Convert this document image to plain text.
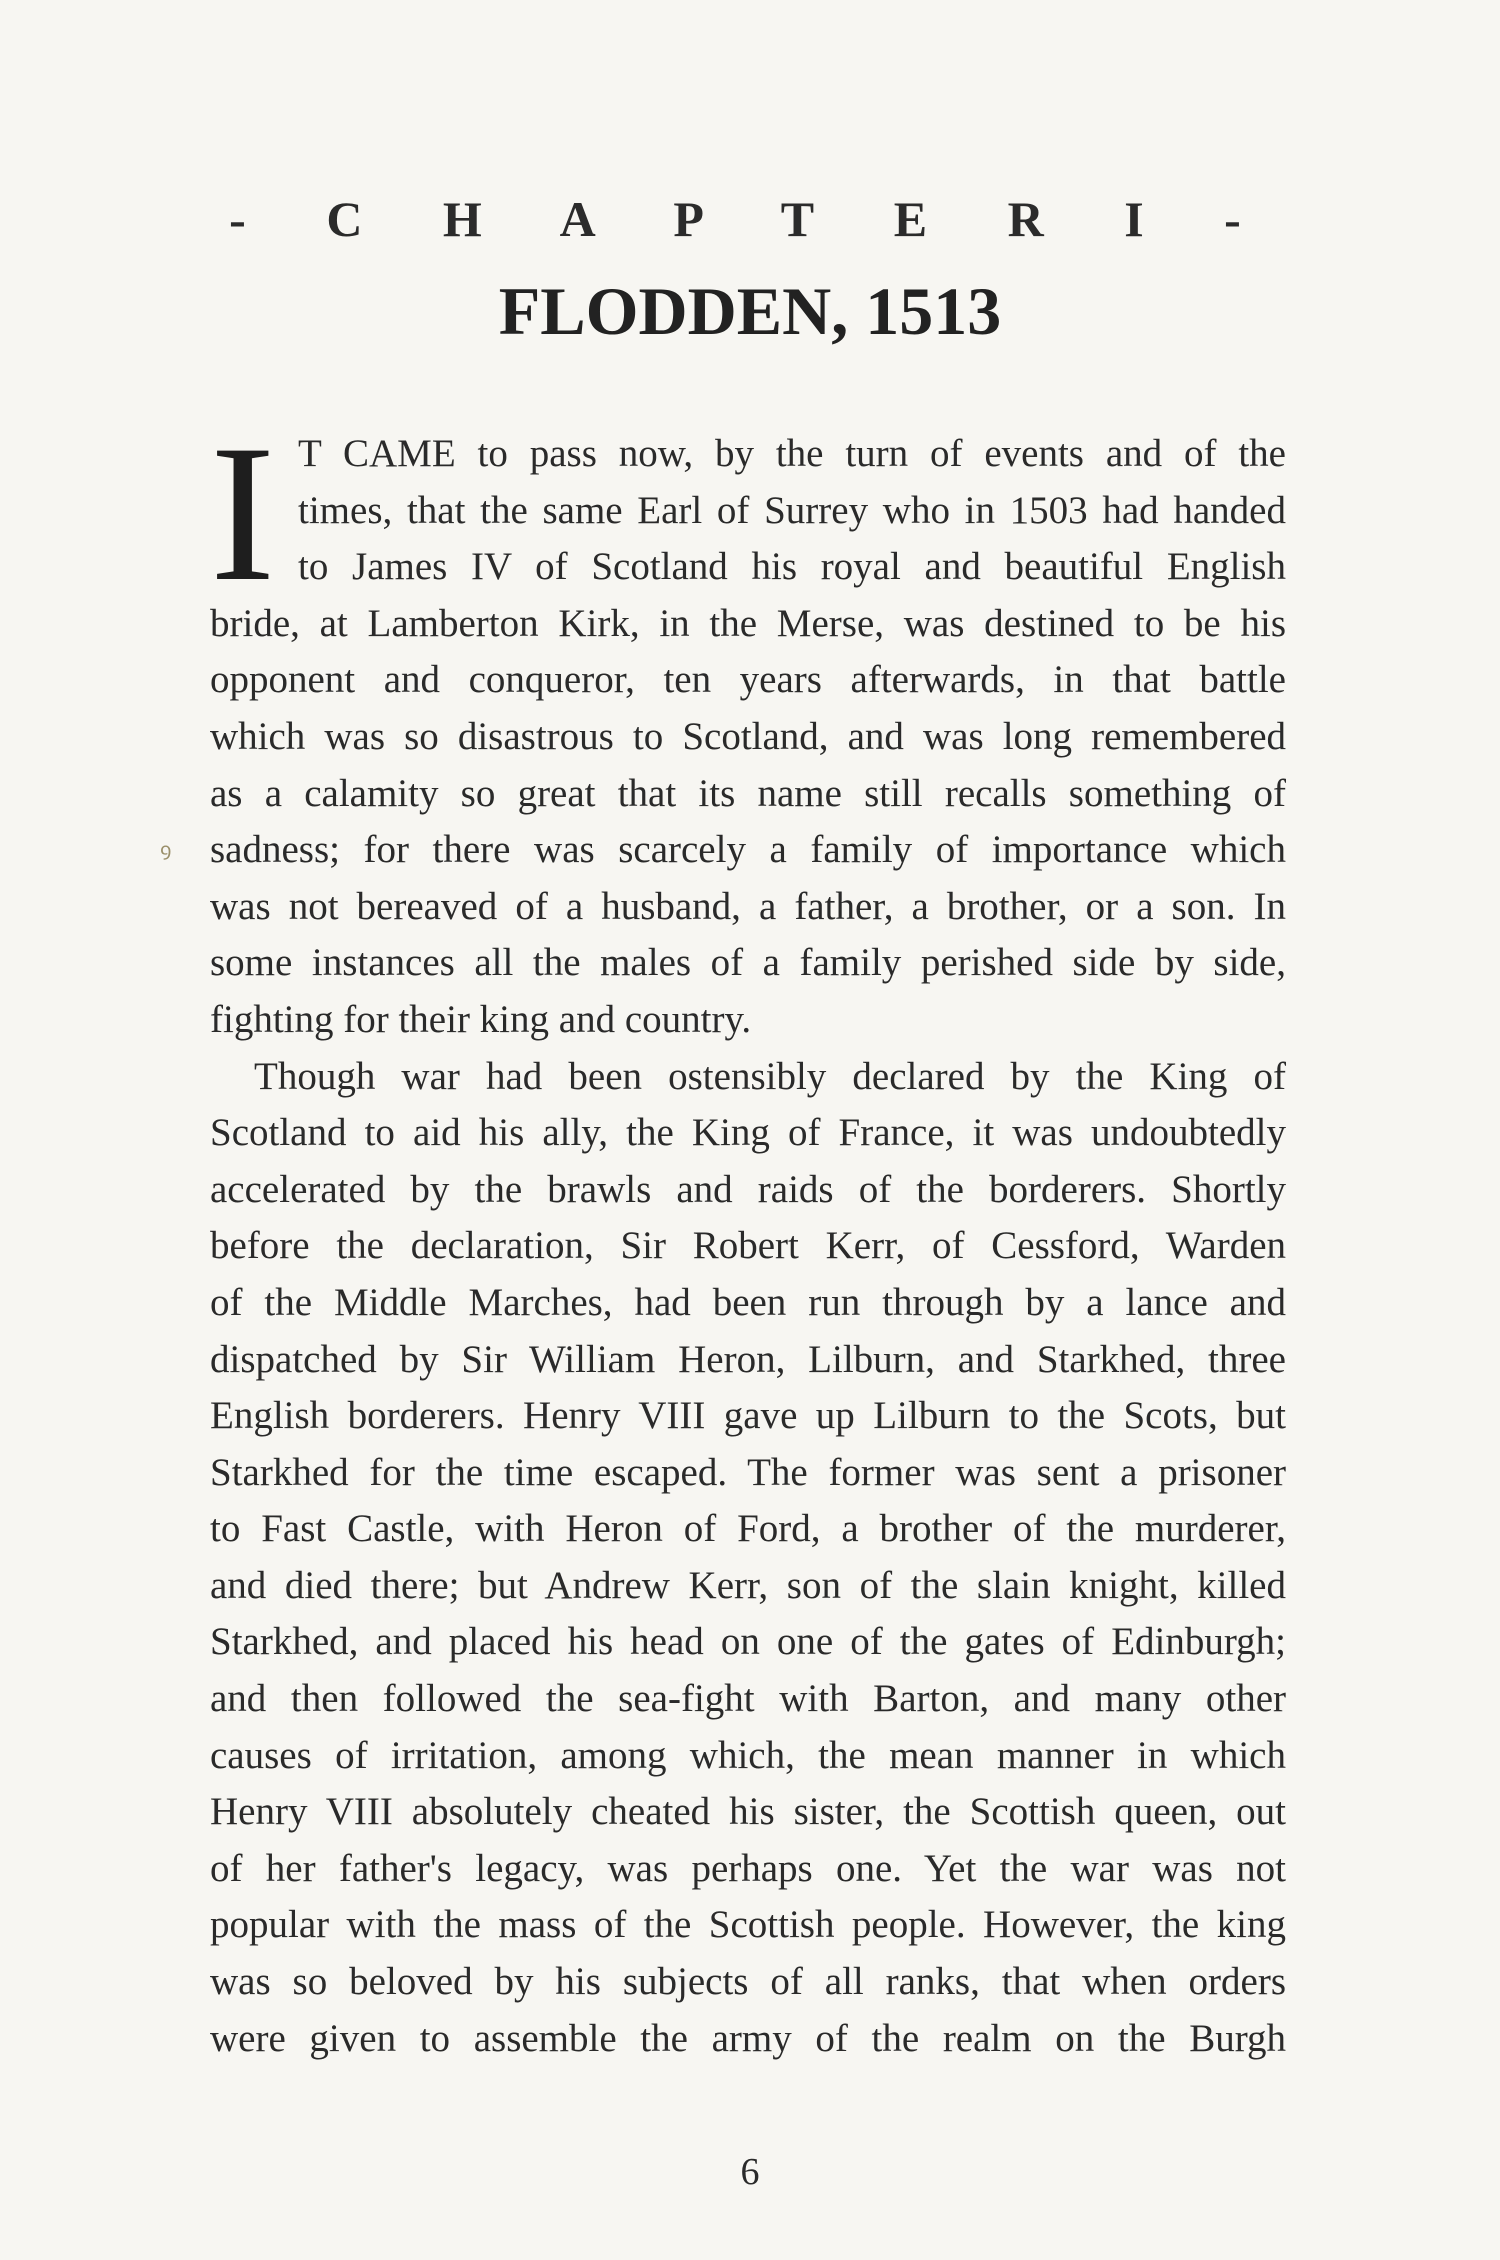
- C H A P T E R I -
FLODDEN, 1513
ꝰ
I T CAME to pass now, by the turn of events and of the
times, that the same Earl of Surrey who in 1503 had handed
to James IV of Scotland his royal and beautiful English
bride, at Lamberton Kirk, in the Merse, was destined to be his
opponent and conqueror, ten years afterwards, in that battle
which was so disastrous to Scotland, and was long remembered
as a calamity so great that its name still recalls something of
sadness; for there was scarcely a family of importance which
was not bereaved of a husband, a father, a brother, or a son. In
some instances all the males of a family perished side by side,
fighting for their king and country.
Though war had been ostensibly declared by the King of
Scotland to aid his ally, the King of France, it was undoubtedly
accelerated by the brawls and raids of the borderers. Shortly
before the declaration, Sir Robert Kerr, of Cessford, Warden
of the Middle Marches, had been run through by a lance and
dispatched by Sir William Heron, Lilburn, and Starkhed, three
English borderers. Henry VIII gave up Lilburn to the Scots, but
Starkhed for the time escaped. The former was sent a prisoner
to Fast Castle, with Heron of Ford, a brother of the murderer,
and died there; but Andrew Kerr, son of the slain knight, killed
Starkhed, and placed his head on one of the gates of Edinburgh;
and then followed the sea-fight with Barton, and many other
causes of irritation, among which, the mean manner in which
Henry VIII absolutely cheated his sister, the Scottish queen, out
of her father's legacy, was perhaps one. Yet the war was not
popular with the mass of the Scottish people. However, the king
was so beloved by his subjects of all ranks, that when orders
were given to assemble the army of the realm on the Burgh
6
